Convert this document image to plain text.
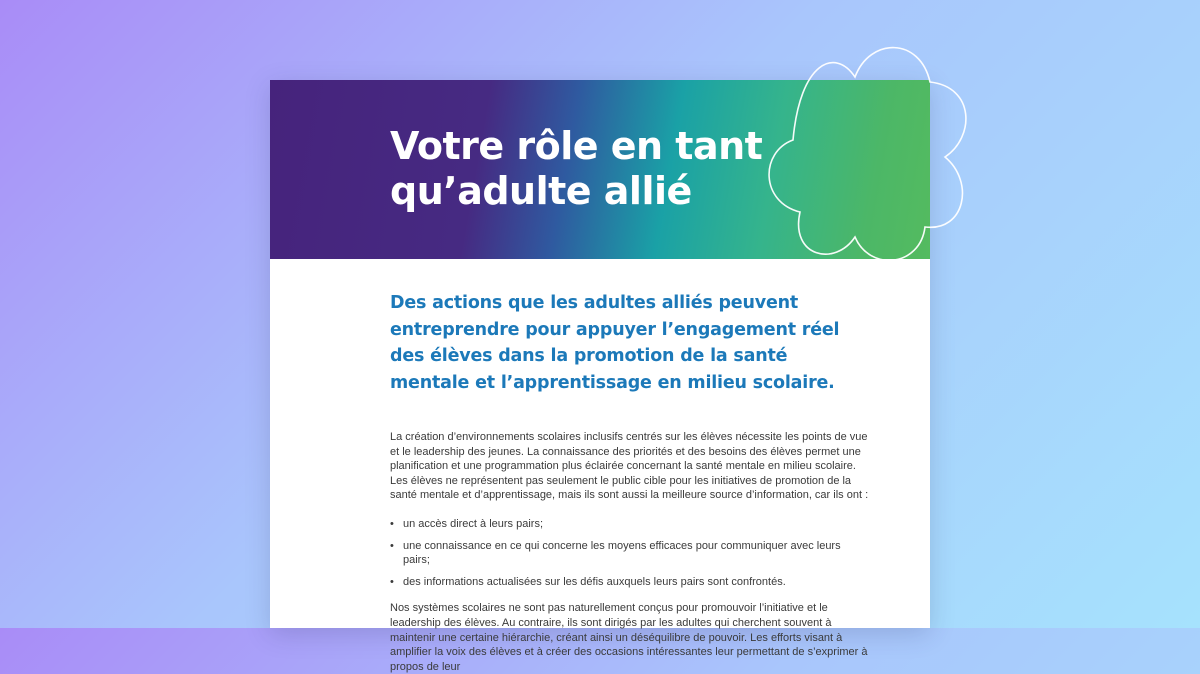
Votre rôle en tant
qu’adulte allié

Des actions que les adultes alliés peuvent entreprendre pour appuyer l’engagement réel des élèves dans la promotion de la santé mentale et l’apprentissage en milieu scolaire.

La création d’environnements scolaires inclusifs centrés sur les élèves nécessite les points de vue et le leadership des jeunes. La connaissance des priorités et des besoins des élèves permet une planification et une programmation plus éclairée concernant la santé mentale en milieu scolaire. Les élèves ne représentent pas seulement le public cible pour les initiatives de promotion de la santé mentale et d’apprentissage, mais ils sont aussi la meilleure source d’information, car ils ont :

• un accès direct à leurs pairs;
• une connaissance en ce qui concerne les moyens efficaces pour communiquer avec leurs pairs;
• des informations actualisées sur les défis auxquels leurs pairs sont confrontés.

Nos systèmes scolaires ne sont pas naturellement conçus pour promouvoir l’initiative et le leadership des élèves. Au contraire, ils sont dirigés par les adultes qui cherchent souvent à maintenir une certaine hiérarchie, créant ainsi un déséquilibre de pouvoir. Les efforts visant à amplifier la voix des élèves et à créer des occasions intéressantes leur permettant de s’exprimer à propos de leur
